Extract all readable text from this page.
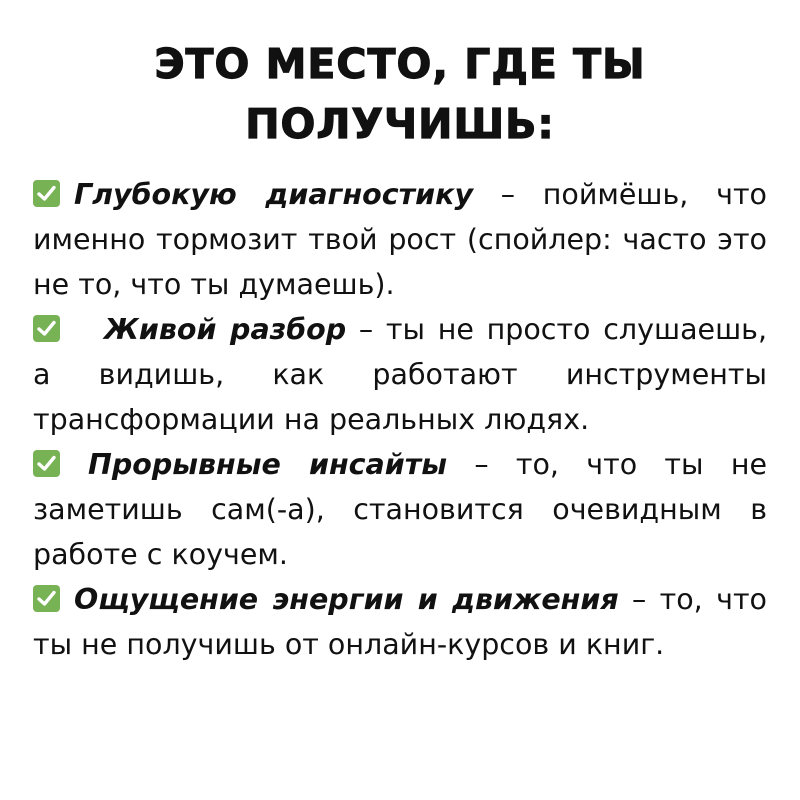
ЭТО МЕСТО, ГДЕ ТЫ
ПОЛУЧИШЬ:

Глубокую диагностику – поймёшь, что именно тормозит твой рост (спойлер: часто это не то, что ты думаешь).

Живой разбор – ты не просто слушаешь, а видишь, как работают инструменты трансформации на реальных людях.

Прорывные инсайты – то, что ты не заметишь сам(-а), становится очевидным в работе с коучем.

Ощущение энергии и движения – то, что ты не получишь от онлайн-курсов и книг.
